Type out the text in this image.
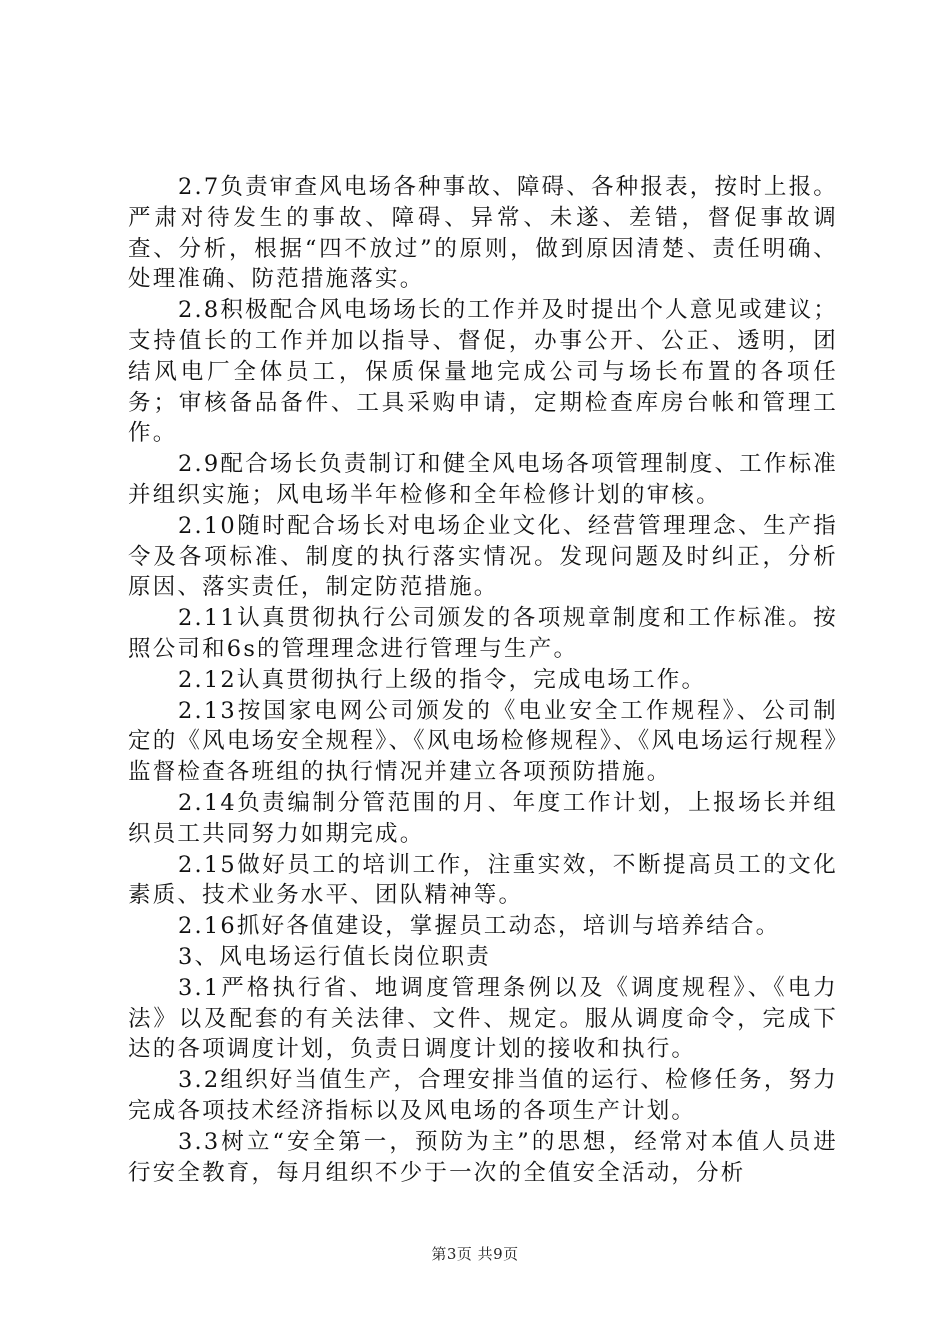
2.7负责审查风电场各种事故、障碍、各种报表，按时上报。严肃对待发生的事故、障碍、异常、未遂、差错，督促事故调查、分析，根据“四不放过”的原则，做到原因清楚、责任明确、处理准确、防范措施落实。

2.8积极配合风电场场长的工作并及时提出个人意见或建议；支持值长的工作并加以指导、督促，办事公开、公正、透明，团结风电厂全体员工，保质保量地完成公司与场长布置的各项任务；审核备品备件、工具采购申请，定期检查库房台帐和管理工作。

2.9配合场长负责制订和健全风电场各项管理制度、工作标准并组织实施；风电场半年检修和全年检修计划的审核。

2.10随时配合场长对电场企业文化、经营管理理念、生产指令及各项标准、制度的执行落实情况。发现问题及时纠正，分析原因、落实责任，制定防范措施。

2.11认真贯彻执行公司颁发的各项规章制度和工作标准。按照公司和6s的管理理念进行管理与生产。

2.12认真贯彻执行上级的指令，完成电场工作。

2.13按国家电网公司颁发的《电业安全工作规程》、公司制定的《风电场安全规程》、《风电场检修规程》、《风电场运行规程》监督检查各班组的执行情况并建立各项预防措施。

2.14负责编制分管范围的月、年度工作计划，上报场长并组织员工共同努力如期完成。

2.15做好员工的培训工作，注重实效，不断提高员工的文化素质、技术业务水平、团队精神等。

2.16抓好各值建设，掌握员工动态，培训与培养结合。

3、风电场运行值长岗位职责

3.1严格执行省、地调度管理条例以及《调度规程》、《电力法》以及配套的有关法律、文件、规定。服从调度命令，完成下达的各项调度计划，负责日调度计划的接收和执行。

3.2组织好当值生产，合理安排当值的运行、检修任务，努力完成各项技术经济指标以及风电场的各项生产计划。

3.3树立“安全第一，预防为主”的思想，经常对本值人员进行安全教育，每月组织不少于一次的全值安全活动，分析

第3页 共9页
